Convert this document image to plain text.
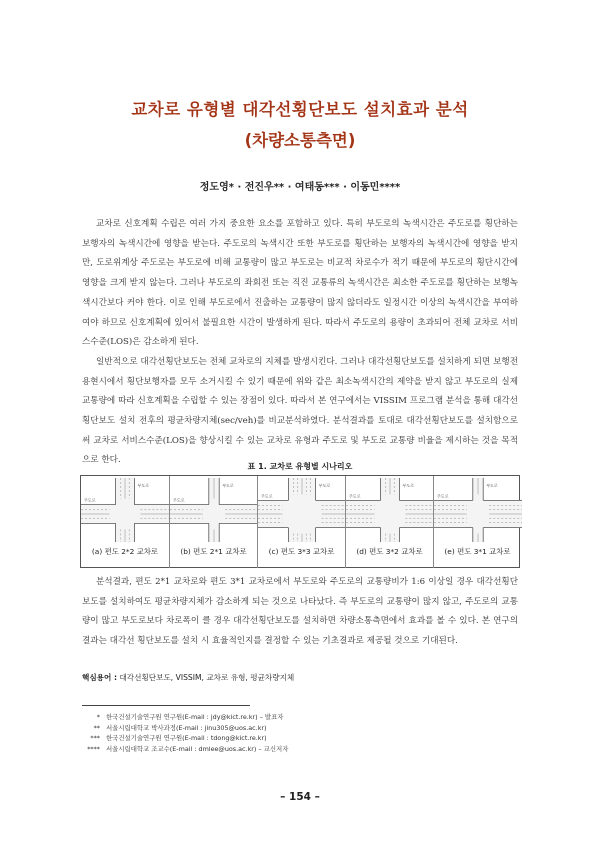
교차로 유형별 대각선횡단보도 설치효과 분석
(차량소통측면)
정도영* · 전진우** · 여태동*** · 이동민****

교차로 신호계획 수립은 여러 가지 중요한 요소를 포함하고 있다. 특히 부도로의 녹색시간은 주도로를 횡단하는 보행자의 녹색시간에 영향을 받는다. 주도로의 녹색시간 또한 부도로를 횡단하는 보행자의 녹색시간에 영향을 받지만, 도로위계상 주도로는 부도로에 비해 교통량이 많고 부도로는 비교적 차로수가 적기 때문에 부도로의 횡단시간에 영향을 크게 받지 않는다. 그러나 부도로의 좌회전 또는 직진 교통류의 녹색시간은 최소한 주도로를 횡단하는 보행녹색시간보다 커야 한다. 이로 인해 부도로에서 진출하는 교통량이 많지 않더라도 일정시간 이상의 녹색시간을 부여하여야 하므로 신호계획에 있어서 불필요한 시간이 발생하게 된다. 따라서 주도로의 용량이 초과되어 전체 교차로 서비스수준(LOS)은 감소하게 된다.

일반적으로 대각선횡단보도는 전체 교차로의 지체를 발생시킨다. 그러나 대각선횡단보도를 설치하게 되면 보행전용현시에서 횡단보행자를 모두 소거시킬 수 있기 때문에 위와 같은 최소녹색시간의 제약을 받지 않고 부도로의 실제 교통량에 따라 신호계획을 수립할 수 있는 장점이 있다. 따라서 본 연구에서는 VISSIM 프로그램 분석을 통해 대각선횡단보도 설치 전후의 평균차량지체(sec/veh)를 비교분석하였다. 분석결과를 토대로 대각선횡단보도를 설치함으로써 교차로 서비스수준(LOS)을 향상시킬 수 있는 교차로 유형과 주도로 및 부도로 교통량 비율을 제시하는 것을 목적으로 한다.

표 1. 교차로 유형별 시나리오
부도로
주도로
(a) 편도 2*2 교차로
부도로
주도로
(b) 편도 2*1 교차로
부도로
주도로
(c) 편도 3*3 교차로
부도로
주도로
(d) 편도 3*2 교차로
부도로
주도로
(e) 편도 3*1 교차로

분석결과, 편도 2*1 교차로와 편도 3*1 교차로에서 부도로와 주도로의 교통량비가 1:6 이상일 경우 대각선횡단보도를 설치하여도 평균차량지체가 감소하게 되는 것으로 나타났다. 즉 부도로의 교통량이 많지 않고, 주도로의 교통량이 많고 부도로보다 차로폭이 클 경우 대각선횡단보도를 설치하면 차량소통측면에서 효과를 볼 수 있다. 본 연구의 결과는 대각선 횡단보도를 설치 시 효율적인지를 결정할 수 있는 기초결과로 제공될 것으로 기대된다.

핵심용어 : 대각선횡단보도, VISSIM, 교차로 유형, 평균차량지체
* 한국건설기술연구원 연구원(E-mail : jdy@kict.re.kr) – 발표자
** 서울시립대학교 박사과정(E-mail : jinu305@uos.ac.kr)
*** 한국건설기술연구원 연구원(E-mail : tdong@kict.re.kr)
**** 서울시립대학교 조교수(E-mail : dmlee@uos.ac.kr) – 교신저자
– 154 –
